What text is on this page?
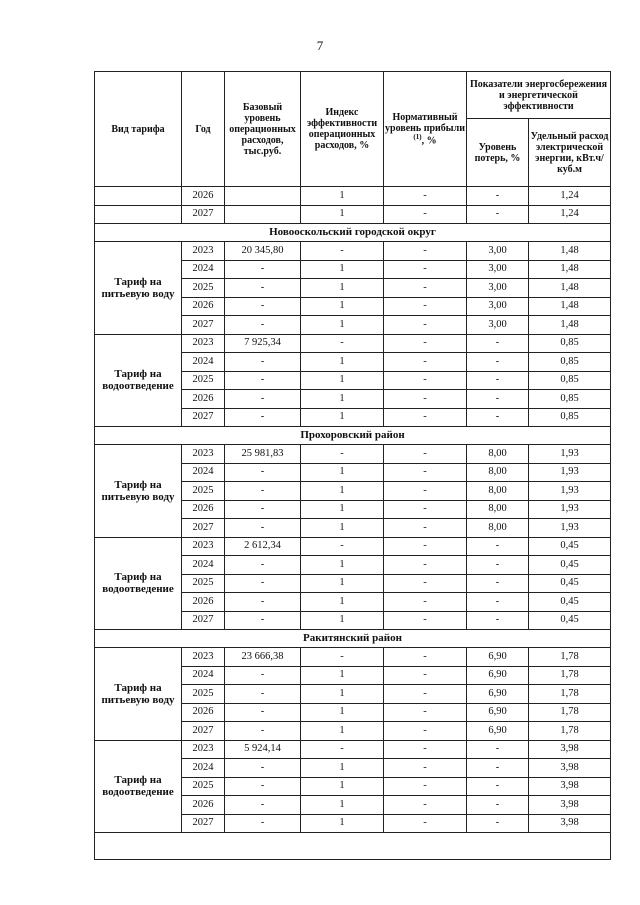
7
Вид тарифа	Год	Базовый уровень операционных расходов, тыс.руб.	Индекс эффективности операционных расходов, %	Нормативный уровень прибыли $^{(1)}$, %	Показатели энергосбережения и энергетической эффективности	
					Уровень потерь, %	Удельный расход электрической энергии, кВт.ч/куб.м
	2026		1	-	-	1,24
	2027		1	-	-	1,24
Новооскольский городской округ						
Тариф на питьевую воду	2023	20 345,80	-	-	3,00	1,48
	2024	-	1	-	3,00	1,48
	2025	-	1	-	3,00	1,48
	2026	-	1	-	3,00	1,48
	2027	-	1	-	3,00	1,48
Тариф на водоотведение	2023	7 925,34	-	-	-	0,85
	2024	-	1	-	-	0,85
	2025	-	1	-	-	0,85
	2026	-	1	-	-	0,85
	2027	-	1	-	-	0,85
Прохоровский район						
Тариф на питьевую воду	2023	25 981,83	-	-	8,00	1,93
	2024	-	1	-	8,00	1,93
	2025	-	1	-	8,00	1,93
	2026	-	1	-	8,00	1,93
	2027	-	1	-	8,00	1,93
Тариф на водоотведение	2023	2 612,34	-	-	-	0,45
	2024	-	1	-	-	0,45
	2025	-	1	-	-	0,45
	2026	-	1	-	-	0,45
	2027	-	1	-	-	0,45
Ракитянский район						
Тариф на питьевую воду	2023	23 666,38	-	-	6,90	1,78
	2024	-	1	-	6,90	1,78
	2025	-	1	-	6,90	1,78
	2026	-	1	-	6,90	1,78
	2027	-	1	-	6,90	1,78
Тариф на водоотведение	2023	5 924,14	-	-	-	3,98
	2024	-	1	-	-	3,98
	2025	-	1	-	-	3,98
	2026	-	1	-	-	3,98
	2027	-	1	-	-	3,98
